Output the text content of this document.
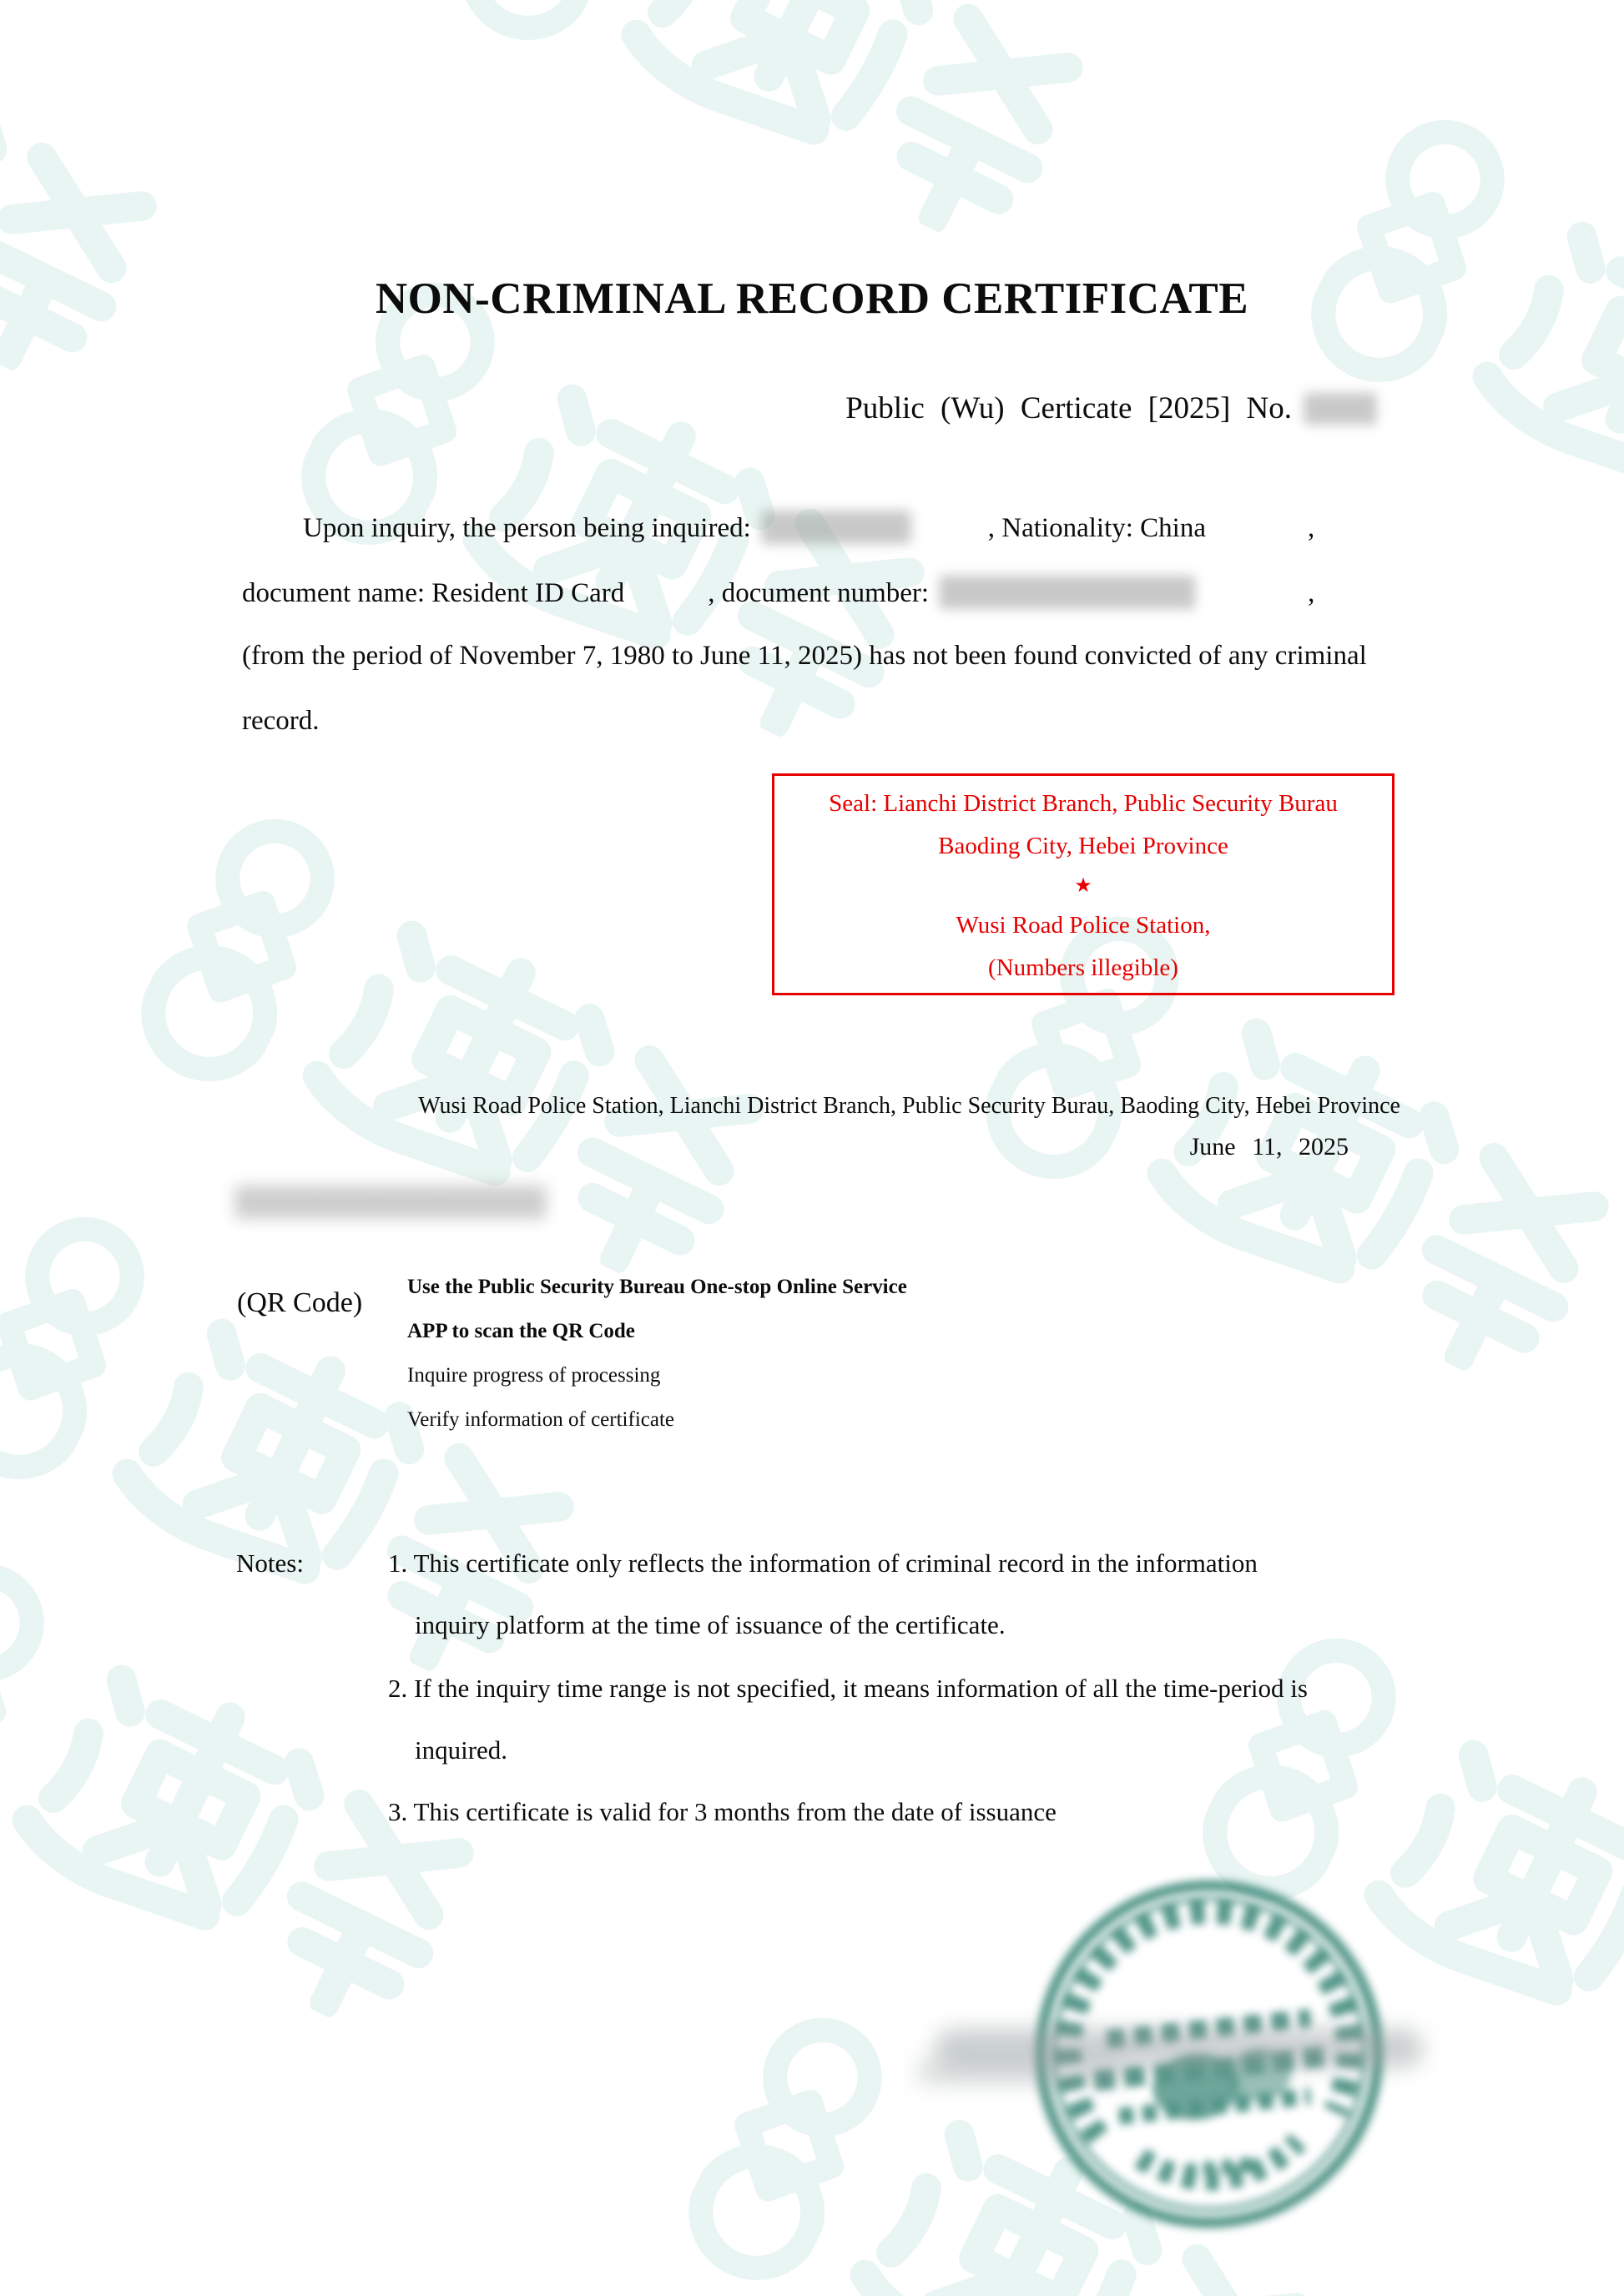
NON-CRIMINAL RECORD CERTIFICATE
Public (Wu) Certicate [2025] No.
Upon inquiry, the person being inquired:	, Nationality: China	,
document name: Resident ID Card	, document number:	,
(from the period of November 7, 1980 to June 11, 2025) has not been found convicted of any criminal
record.
Seal: Lianchi District Branch, Public Security Burau
Baoding City, Hebei Province
★
Wusi Road Police Station,
(Numbers illegible)
Wusi Road Police Station, Lianchi District Branch, Public Security Burau, Baoding City, Hebei Province
June 11, 2025
(QR Code)
Use the Public Security Bureau One-stop Online Service
APP to scan the QR Code
Inquire progress of processing
Verify information of certificate
Notes:	1. This certificate only reflects the information of criminal record in the information
inquiry platform at the time of issuance of the certificate.
2. If the inquiry time range is not specified, it means information of all the time-period is
inquired.
3. This certificate is valid for 3 months from the date of issuance
